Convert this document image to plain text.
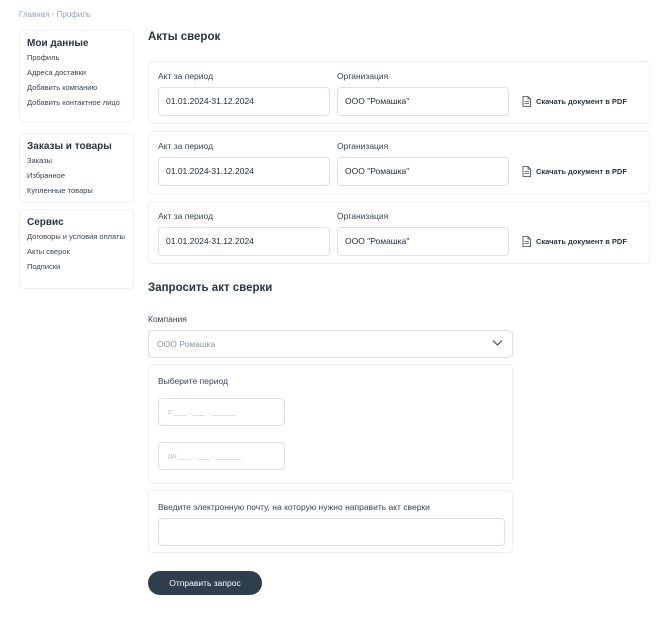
Главная - Профиль
Мои данные
Профиль
Адреса доставки
Добавить компанию
Добавить контактное лицо
Заказы и товары
Заказы
Избранное
Купленные товары
Сервис
Договоры и условия оплаты
Акты сверок
Подписки
Акты сверок
Акт за период	Организация
01.01.2024-31.12.2024	ООО "Ромашка"	Скачать документ в PDF
Акт за период	Организация
01.01.2024-31.12.2024	ООО "Ромашка"	Скачать документ в PDF
Акт за период	Организация
01.01.2024-31.12.2024	ООО "Ромашка"	Скачать документ в PDF
Запросить акт сверки
Компания
ООО Ромашка
Выберите период
с ___ . ___ . ______
до ___ . ___ . ______
Введите электронную почту, на которую нужно направить акт сверки
Отправить запрос
